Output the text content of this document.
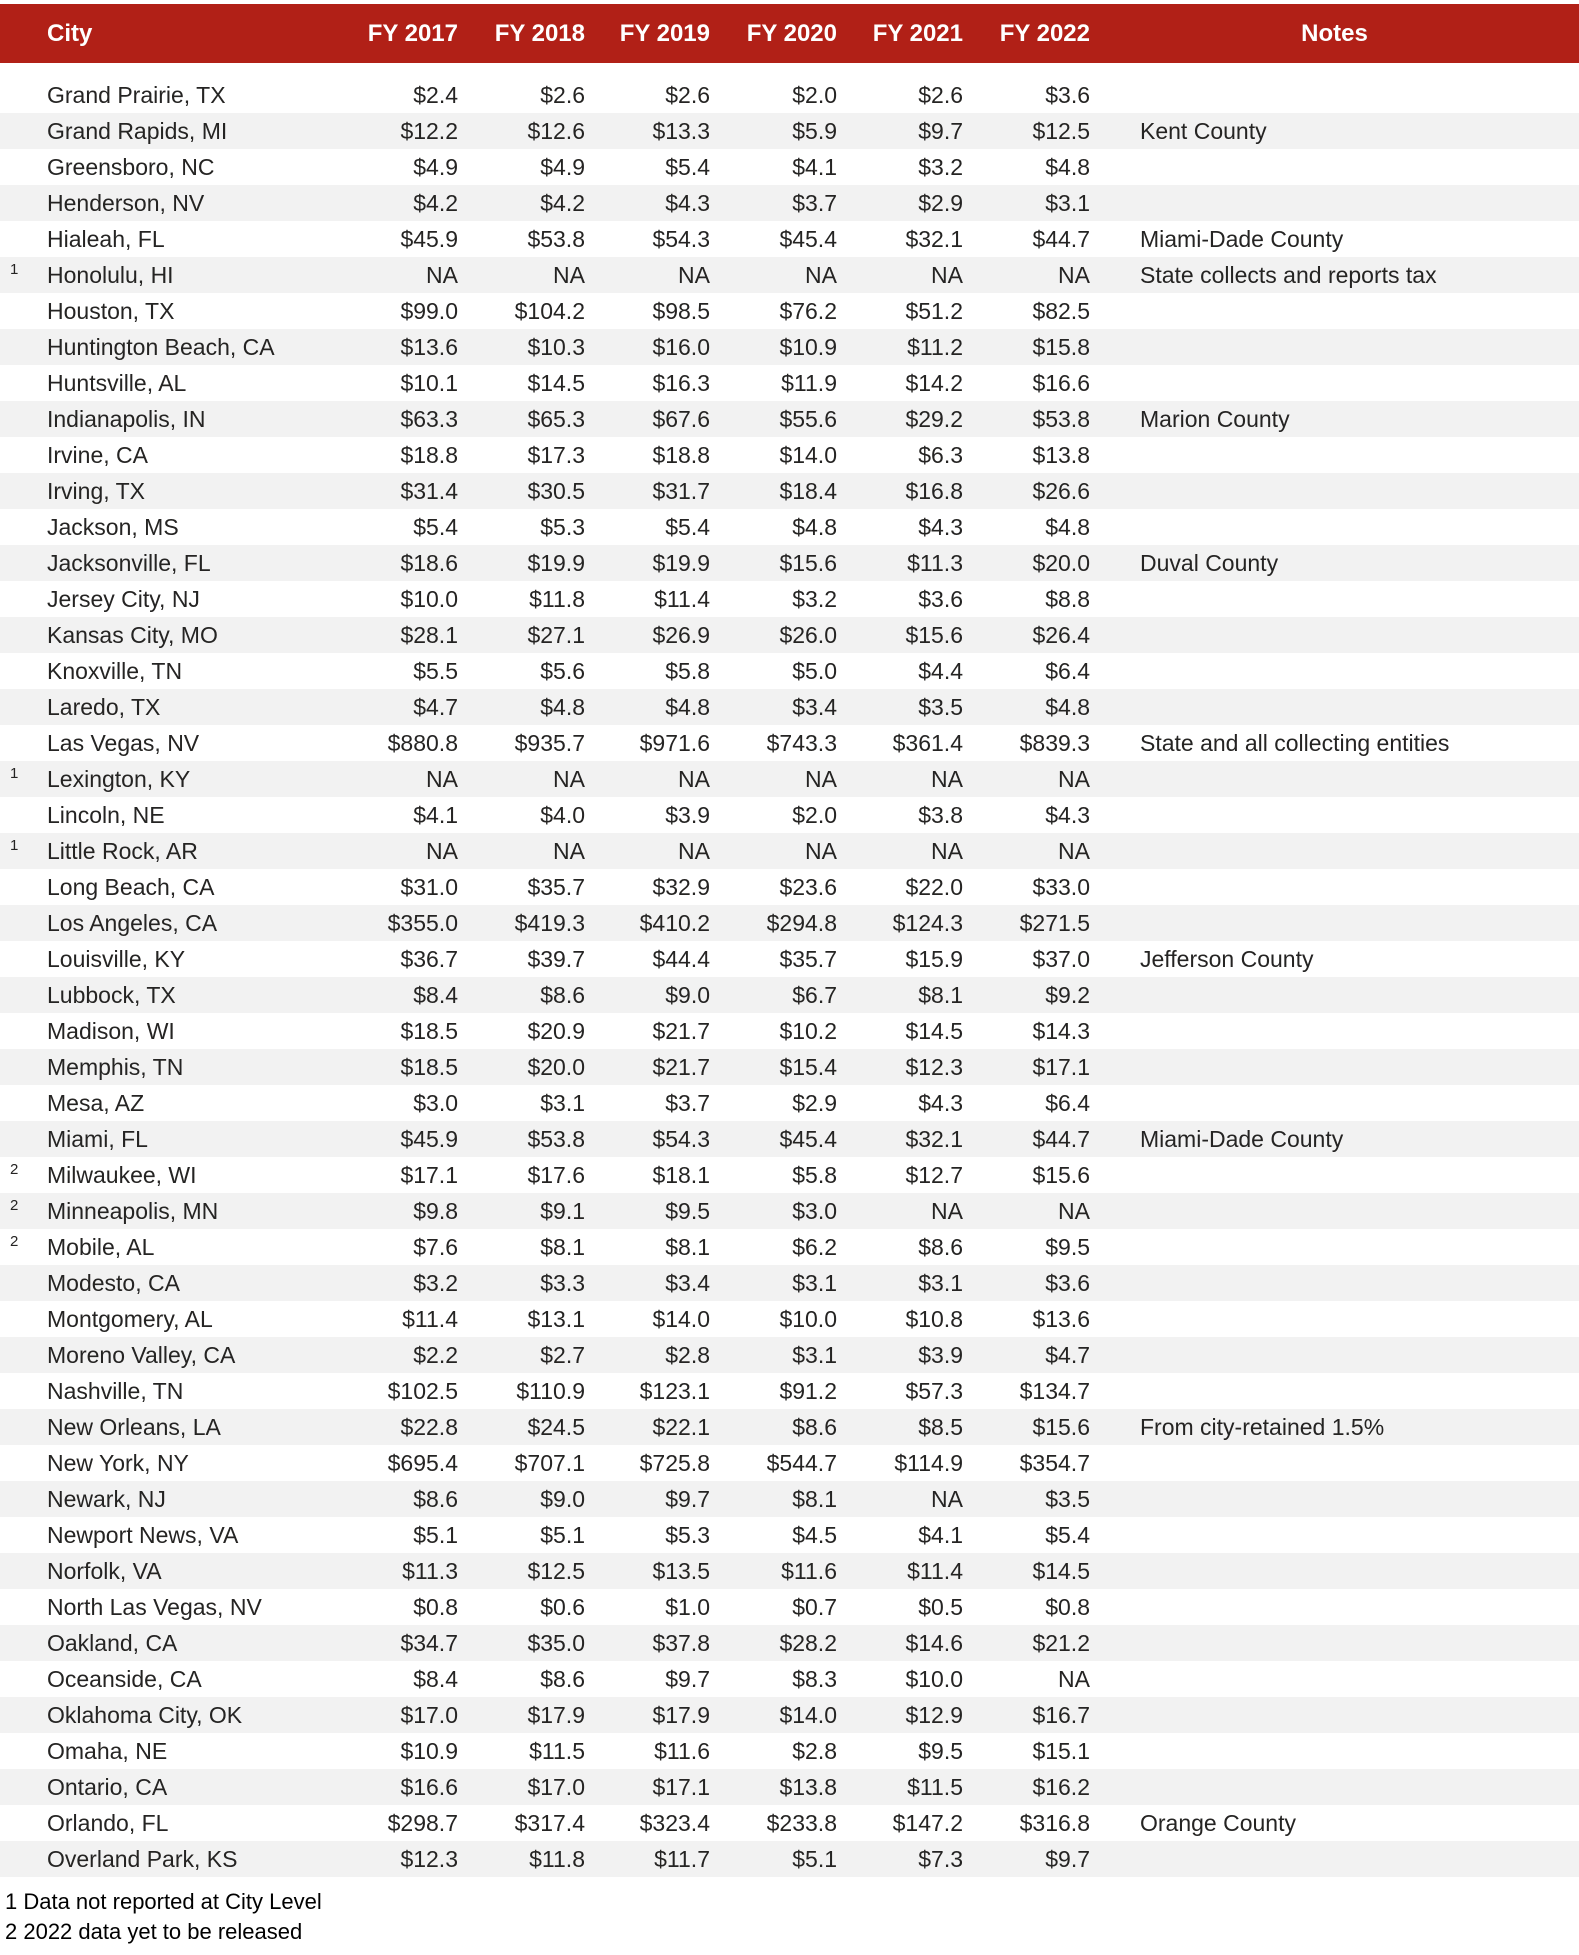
City	FY 2017	FY 2018	FY 2019	FY 2020	FY 2021	FY 2022	Notes
Grand Prairie, TX	$2.4	$2.6	$2.6	$2.0	$2.6	$3.6
Grand Rapids, MI	$12.2	$12.6	$13.3	$5.9	$9.7	$12.5	Kent County
Greensboro, NC	$4.9	$4.9	$5.4	$4.1	$3.2	$4.8
Henderson, NV	$4.2	$4.2	$4.3	$3.7	$2.9	$3.1
Hialeah, FL	$45.9	$53.8	$54.3	$45.4	$32.1	$44.7	Miami-Dade County
1 Honolulu, HI	NA	NA	NA	NA	NA	NA	State collects and reports tax
Houston, TX	$99.0	$104.2	$98.5	$76.2	$51.2	$82.5
Huntington Beach, CA	$13.6	$10.3	$16.0	$10.9	$11.2	$15.8
Huntsville, AL	$10.1	$14.5	$16.3	$11.9	$14.2	$16.6
Indianapolis, IN	$63.3	$65.3	$67.6	$55.6	$29.2	$53.8	Marion County
Irvine, CA	$18.8	$17.3	$18.8	$14.0	$6.3	$13.8
Irving, TX	$31.4	$30.5	$31.7	$18.4	$16.8	$26.6
Jackson, MS	$5.4	$5.3	$5.4	$4.8	$4.3	$4.8
Jacksonville, FL	$18.6	$19.9	$19.9	$15.6	$11.3	$20.0	Duval County
Jersey City, NJ	$10.0	$11.8	$11.4	$3.2	$3.6	$8.8
Kansas City, MO	$28.1	$27.1	$26.9	$26.0	$15.6	$26.4
Knoxville, TN	$5.5	$5.6	$5.8	$5.0	$4.4	$6.4
Laredo, TX	$4.7	$4.8	$4.8	$3.4	$3.5	$4.8
Las Vegas, NV	$880.8	$935.7	$971.6	$743.3	$361.4	$839.3	State and all collecting entities
1 Lexington, KY	NA	NA	NA	NA	NA	NA
Lincoln, NE	$4.1	$4.0	$3.9	$2.0	$3.8	$4.3
1 Little Rock, AR	NA	NA	NA	NA	NA	NA
Long Beach, CA	$31.0	$35.7	$32.9	$23.6	$22.0	$33.0
Los Angeles, CA	$355.0	$419.3	$410.2	$294.8	$124.3	$271.5
Louisville, KY	$36.7	$39.7	$44.4	$35.7	$15.9	$37.0	Jefferson County
Lubbock, TX	$8.4	$8.6	$9.0	$6.7	$8.1	$9.2
Madison, WI	$18.5	$20.9	$21.7	$10.2	$14.5	$14.3
Memphis, TN	$18.5	$20.0	$21.7	$15.4	$12.3	$17.1
Mesa, AZ	$3.0	$3.1	$3.7	$2.9	$4.3	$6.4
Miami, FL	$45.9	$53.8	$54.3	$45.4	$32.1	$44.7	Miami-Dade County
2 Milwaukee, WI	$17.1	$17.6	$18.1	$5.8	$12.7	$15.6
2 Minneapolis, MN	$9.8	$9.1	$9.5	$3.0	NA	NA
2 Mobile, AL	$7.6	$8.1	$8.1	$6.2	$8.6	$9.5
Modesto, CA	$3.2	$3.3	$3.4	$3.1	$3.1	$3.6
Montgomery, AL	$11.4	$13.1	$14.0	$10.0	$10.8	$13.6
Moreno Valley, CA	$2.2	$2.7	$2.8	$3.1	$3.9	$4.7
Nashville, TN	$102.5	$110.9	$123.1	$91.2	$57.3	$134.7
New Orleans, LA	$22.8	$24.5	$22.1	$8.6	$8.5	$15.6	From city-retained 1.5%
New York, NY	$695.4	$707.1	$725.8	$544.7	$114.9	$354.7
Newark, NJ	$8.6	$9.0	$9.7	$8.1	NA	$3.5
Newport News, VA	$5.1	$5.1	$5.3	$4.5	$4.1	$5.4
Norfolk, VA	$11.3	$12.5	$13.5	$11.6	$11.4	$14.5
North Las Vegas, NV	$0.8	$0.6	$1.0	$0.7	$0.5	$0.8
Oakland, CA	$34.7	$35.0	$37.8	$28.2	$14.6	$21.2
Oceanside, CA	$8.4	$8.6	$9.7	$8.3	$10.0	NA
Oklahoma City, OK	$17.0	$17.9	$17.9	$14.0	$12.9	$16.7
Omaha, NE	$10.9	$11.5	$11.6	$2.8	$9.5	$15.1
Ontario, CA	$16.6	$17.0	$17.1	$13.8	$11.5	$16.2
Orlando, FL	$298.7	$317.4	$323.4	$233.8	$147.2	$316.8	Orange County
Overland Park, KS	$12.3	$11.8	$11.7	$5.1	$7.3	$9.7
1 Data not reported at City Level
2 2022 data yet to be released
